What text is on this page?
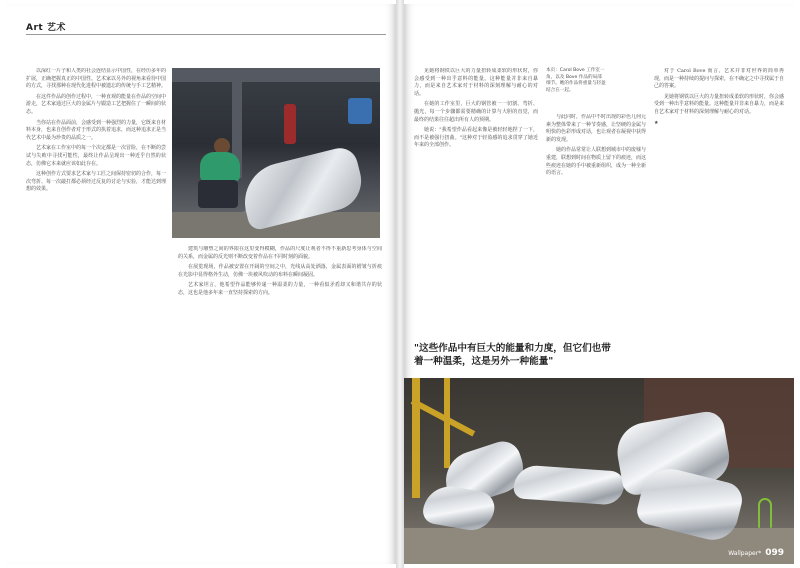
Art 艺术

以深红一片子和人类的社会连结显示中国性，在经历多年的扩展，正确把握真正的中国性。艺术家以另外的视角来看待中国的方式，寻找那种在现代化进程中被遗忘的传统与手工艺精神。

在这件作品的创作过程中，一种直观的能量在作品的空间中游走，艺术家通过巨大的金属片与锻造工艺把握住了一瞬间的状态。

当你站在作品面前，会感受到一种强烈的力量，它既来自材料本身，也来自创作者对于形式的执着追求，而这种追求正是当代艺术中最为珍贵的品质之一。

艺术家在工作室中的每一个决定都是一次冒险，在不断的尝试与失败中寻找可能性，最终让作品呈现出一种近乎自然的状态，仿佛它本来就应该如此存在。

这种创作方式要求艺术家与工匠之间保持密切的合作，每一次弯折、每一次敲打都必须经过反复的讨论与实验，才能达到理想的效果。

建筑与雕塑之间的界限在这里变得模糊，作品的尺度让观者不得不重新思考身体与空间的关系，而金属的反光则不断改变着作品在不同时刻的面貌。

在展览现场，作品被安置在开阔的空间之中，光线从高处洒落，金属表面的褶皱与折痕在光影中显得格外生动，仿佛一块被风吹动的布料在瞬间凝固。

艺术家坦言，他希望作品能够传递一种温柔的力量，一种看似矛盾却又和谐共存的状态，这也是他多年来一直坚持探索的方向。

见她将钢铁以巨大的力量扭转成柔软的形状时，你会感受到一种出乎意料的能量。这种能量并非来自暴力，而是来自艺术家对于材料的深刻理解与耐心的对话。

在她的工作室里，巨大的钢管被一一切割、弯折、抛光，每一个步骤都需要精确的计算与大胆的直觉，而最终的结果往往超出所有人的预期。

她说："我希望作品看起来像是被轻轻地捏了一下，而不是被强行扭曲。"这种对于轻盈感的追求贯穿了她近年来的全部创作。

本页：Carol Bove 工作室一角，以及 Bove 作品的局部细节。她的作品将重量与轻盈结合在一起。

与此同时，作品中不时出现的彩色几何元素为整体带来了一种节奏感，让坚硬的金属与明快的色彩形成对话，也让观者在凝视中获得新的发现。

她的作品常常让人联想到城市中的废墟与重建，联想到时间在物质上留下的痕迹，而这些痕迹在她的手中被重新组织，成为一种全新的语言。

对于 Carol Bove 而言，艺术并非对世界的简单再现，而是一种持续的提问与探索，在不确定之中寻找属于自己的答案。

见她将钢铁以巨大的力量扭转成柔软的形状时，你会感受到一种出乎意料的能量。这种能量并非来自暴力，而是来自艺术家对于材料的深刻理解与耐心的对话。

★
"这些作品中有巨大的能量和力度，但它们也带
着一种温柔，这是另外一种能量"
Wallpaper* 099
崇真艺客
ZHENART.COM
